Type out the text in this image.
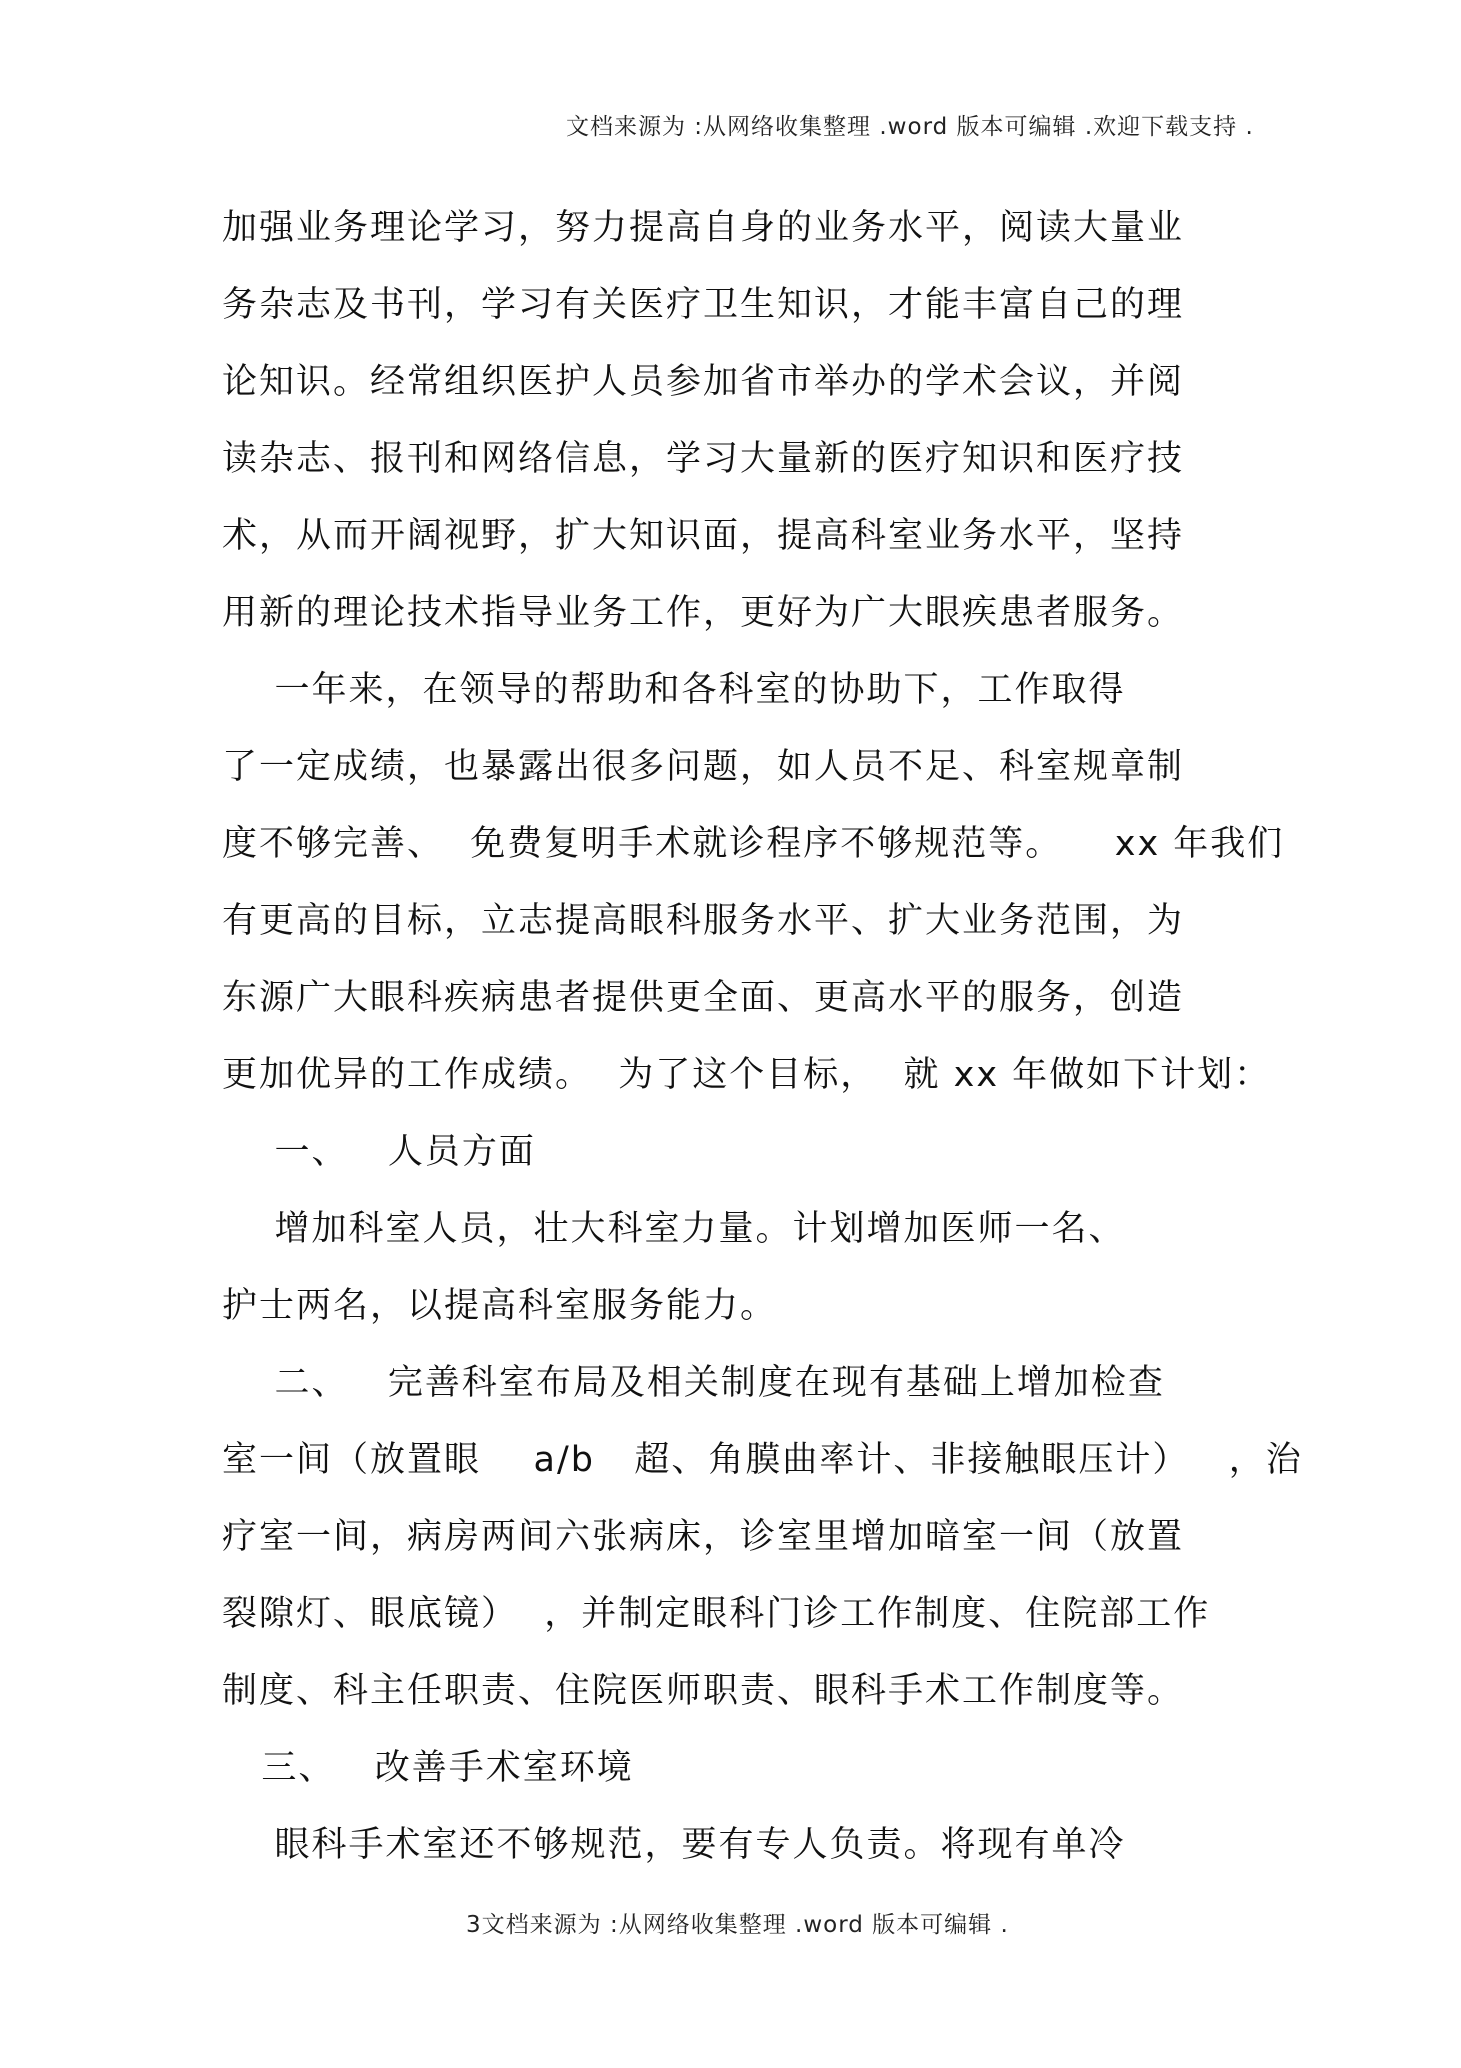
文档来源为 :从网络收集整理 .word 版本可编辑 .欢迎下载支持 .
加强业务理论学习，努力提高自身的业务水平，阅读大量业
务杂志及书刊，学习有关医疗卫生知识，才能丰富自己的理
论知识。经常组织医护人员参加省市举办的学术会议，并阅
读杂志、报刊和网络信息，学习大量新的医疗知识和医疗技
术，从而开阔视野，扩大知识面，提高科室业务水平，坚持
用新的理论技术指导业务工作，更好为广大眼疾患者服务。
一年来，在领导的帮助和各科室的协助下，工作取得
了一定成绩，也暴露出很多问题，如人员不足、科室规章制
度不够完善、  免费复明手术就诊程序不够规范等。    xx 年我们
有更高的目标，立志提高眼科服务水平、扩大业务范围，为
东源广大眼科疾病患者提供更全面、更高水平的服务，创造
更加优异的工作成绩。  为了这个目标，  就 xx 年做如下计划：
一、   人员方面
增加科室人员，壮大科室力量。计划增加医师一名、
护士两名，以提高科室服务能力。
二、   完善科室布局及相关制度在现有基础上增加检查
室一间（放置眼    a/b   超、角膜曲率计、非接触眼压计）   ，治
疗室一间，病房两间六张病床，诊室里增加暗室一间（放置
裂隙灯、眼底镜）  ，并制定眼科门诊工作制度、住院部工作
制度、科主任职责、住院医师职责、眼科手术工作制度等。
三、   改善手术室环境
眼科手术室还不够规范，要有专人负责。将现有单冷
3文档来源为 :从网络收集整理 .word 版本可编辑 .
